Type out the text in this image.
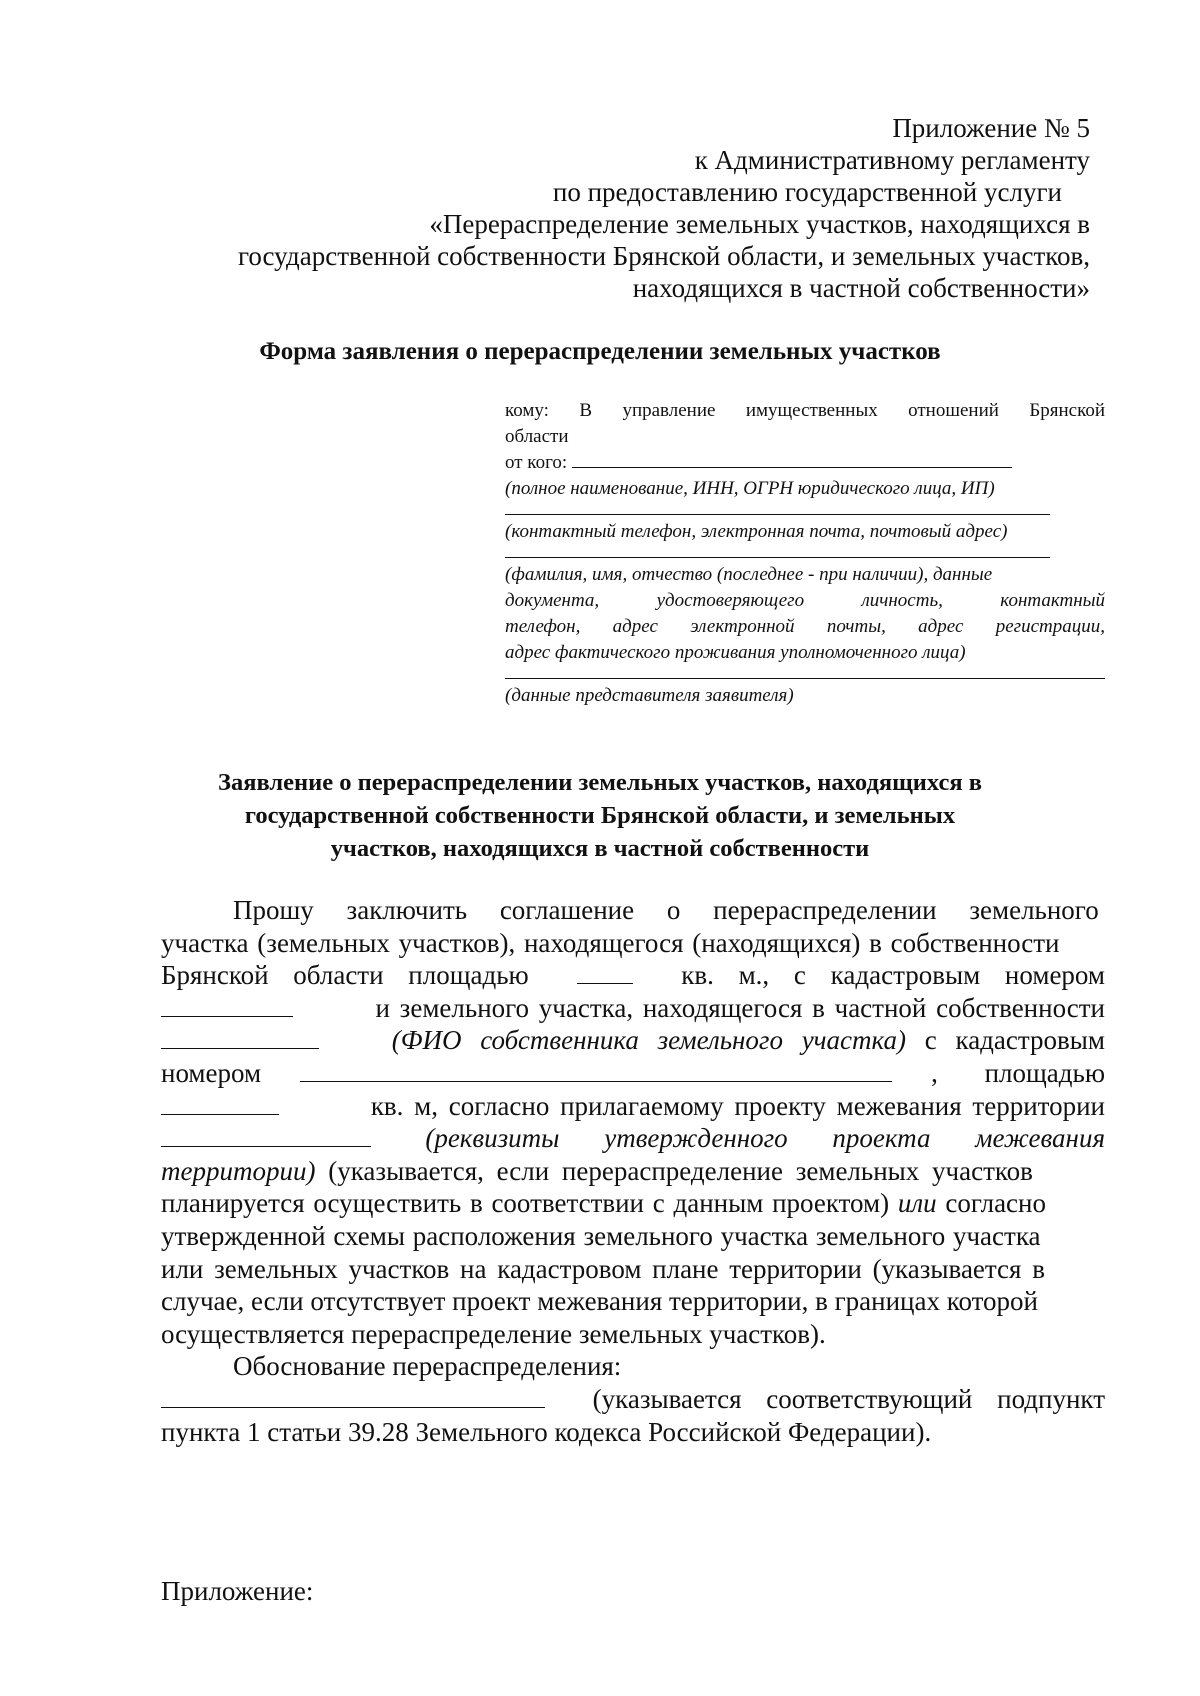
Приложение № 5
к Административному регламенту
по предоставлению государственной услуги
«Перераспределение земельных участков, находящихся в
государственной собственности Брянской области, и земельных участков,
находящихся в частной собственности»
Форма заявления о перераспределении земельных участков
кому: В управление имущественных отношений Брянской
области
от кого:
(полное наименование, ИНН, ОГРН юридического лица, ИП)
(контактный телефон, электронная почта, почтовый адрес)
(фамилия, имя, отчество (последнее - при наличии), данные
документа, удостоверяющего личность, контактный
телефон, адрес электронной почты, адрес регистрации,
адрес фактического проживания уполномоченного лица)
(данные представителя заявителя)
Заявление о перераспределении земельных участков, находящихся в
государственной собственности Брянской области, и земельных
участков, находящихся в частной собственности
Прошу заключить соглашение о перераспределении земельного
участка (земельных участков), находящегося (находящихся) в собственности
Брянской области площадью	кв. м., с кадастровым номером
и земельного участка, находящегося в частной собственности
(ФИО собственника земельного участка) с кадастровым
номером	, площадью
кв. м, согласно прилагаемому проекту межевания территории
(реквизиты утвержденного проекта межевания
территории) (указывается, если перераспределение земельных участков
планируется осуществить в соответствии с данным проектом) или согласно
утвержденной схемы расположения земельного участка земельного участка
или земельных участков на кадастровом плане территории (указывается в
случае, если отсутствует проект межевания территории, в границах которой
осуществляется перераспределение земельных участков).
Обоснование перераспределения:
(указывается соответствующий подпункт
пункта 1 статьи 39.28 Земельного кодекса Российской Федерации).
Приложение:
